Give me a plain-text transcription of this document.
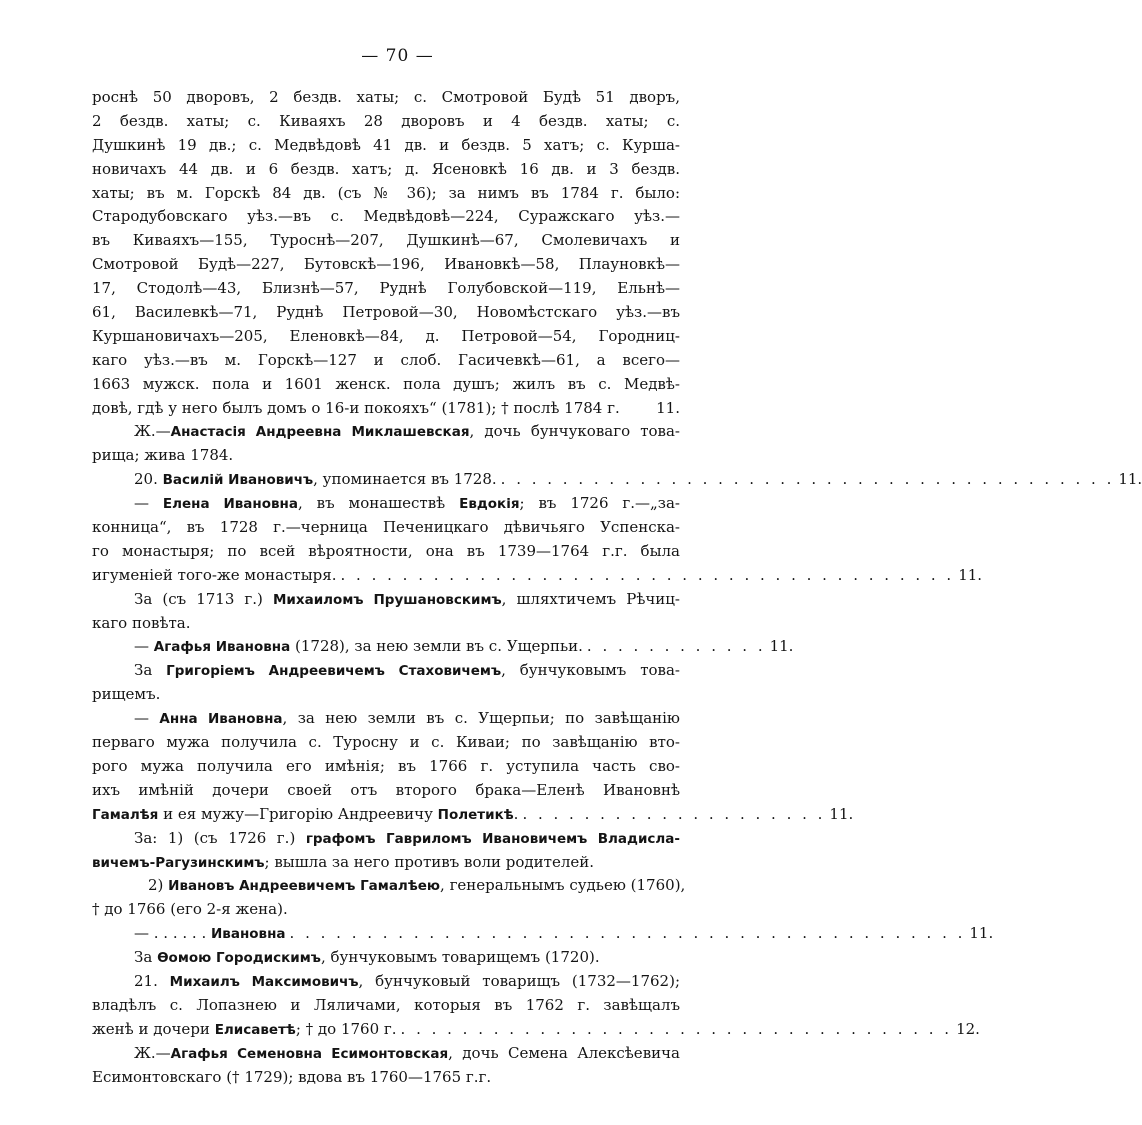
— 70 —
роснѣ 50 дворовъ, 2 бездв. хаты; с. Смотровой Будѣ 51 дворъ,
2 бездв. хаты; с. Киваяхъ 28 дворовъ и 4 бездв. хаты; с.
Душкинѣ 19 дв.; с. Медвѣдовѣ 41 дв. и бездв. 5 хатъ; с. Курша-
новичахъ 44 дв. и 6 бездв. хатъ; д. Ясеновкѣ 16 дв. и 3 бездв.
хаты; въ м. Горскѣ 84 дв. (съ № 36); за нимъ въ 1784 г. было:
Стародубовскаго уѣз.—въ с. Медвѣдовѣ—224, Суражскаго уѣз.—
въ Киваяхъ—155, Туроснѣ—207, Душкинѣ—67, Смолевичахъ и
Смотровой Будѣ—227, Бутовскѣ—196, Ивановкѣ—58, Плауновкѣ—
17, Стодолѣ—43, Близнѣ—57, Руднѣ Голубовской—119, Ельнѣ—
61, Василевкѣ—71, Руднѣ Петровой—30, Новомѣстскаго уѣз.—въ
Куршановичахъ—205, Еленовкѣ—84, д. Петровой—54, Городниц-
каго уѣз.—въ м. Горскѣ—127 и слоб. Гасичевкѣ—61, а всего—
1663 мужск. пола и 1601 женск. пола душъ; жилъ въ с. Медвѣ-
довѣ, гдѣ у него былъ домъ о 16-и покояхъ“ (1781); † послѣ 1784 г. 11.
Ж.—Анастасія Андреевна Миклашевская, дочь бунчуковаго това-
рища; жива 1784.
20. Василій Ивановичъ, упоминается въ 1728. . . . . . . . . . . . . . . . . . . . . . . . . . . . . . . . . . . . . . . . . 11.
— Елена Ивановна, въ монашествѣ Евдокія; въ 1726 г.—„за-
конница“, въ 1728 г.—черница Печеницкаго дѣвичьяго Успенска-
го монастыря; по всей вѣроятности, она въ 1739—1764 г.г. была
игуменіей того-же монастыря. . . . . . . . . . . . . . . . . . . . . . . . . . . . . . . . . . . . . . . . . 11.
За (съ 1713 г.) Михаиломъ Прушановскимъ, шляхтичемъ Рѣчиц-
каго повѣта.
— Агафья Ивановна (1728), за нею земли въ с. Ущерпьи. . . . . . . . . . . . . 11.
За Григоріемъ Андреевичемъ Стаховичемъ, бунчуковымъ това-
рищемъ.
— Анна Ивановна, за нею земли въ с. Ущерпьи; по завѣщанію
перваго мужа получила с. Туросну и с. Киваи; по завѣщанію вто-
рого мужа получила его имѣнія; въ 1766 г. уступила часть сво-
ихъ имѣній дочери своей отъ второго брака—Еленѣ Ивановнѣ
Гамалѣя и ея мужу—Григорію Андреевичу Полетикѣ. . . . . . . . . . . . . . . . . . . . . 11.
За: 1) (съ 1726 г.) графомъ Гавриломъ Ивановичемъ Владисла-
вичемъ-Рагузинскимъ; вышла за него противъ воли родителей.
2) Ивановъ Андреевичемъ Гамалѣею, генеральнымъ судьею (1760),
† до 1766 (его 2-я жена).
— . . . . . . Ивановна . . . . . . . . . . . . . . . . . . . . . . . . . . . . . . . . . . . . . . . . . . . . 11.
За Ѳомою Городискимъ, бунчуковымъ товарищемъ (1720).
21. Михаилъ Максимовичъ, бунчуковый товарищъ (1732—1762);
владѣлъ с. Лопазнею и Ляличами, которыя въ 1762 г. завѣщалъ
женѣ и дочери Елисаветѣ; † до 1760 г. . . . . . . . . . . . . . . . . . . . . . . . . . . . . . . . . . . . . 12.
Ж.—Агафья Семеновна Есимонтовская, дочь Семена Алексѣевича
Есимонтовскаго († 1729); вдова въ 1760—1765 г.г.
